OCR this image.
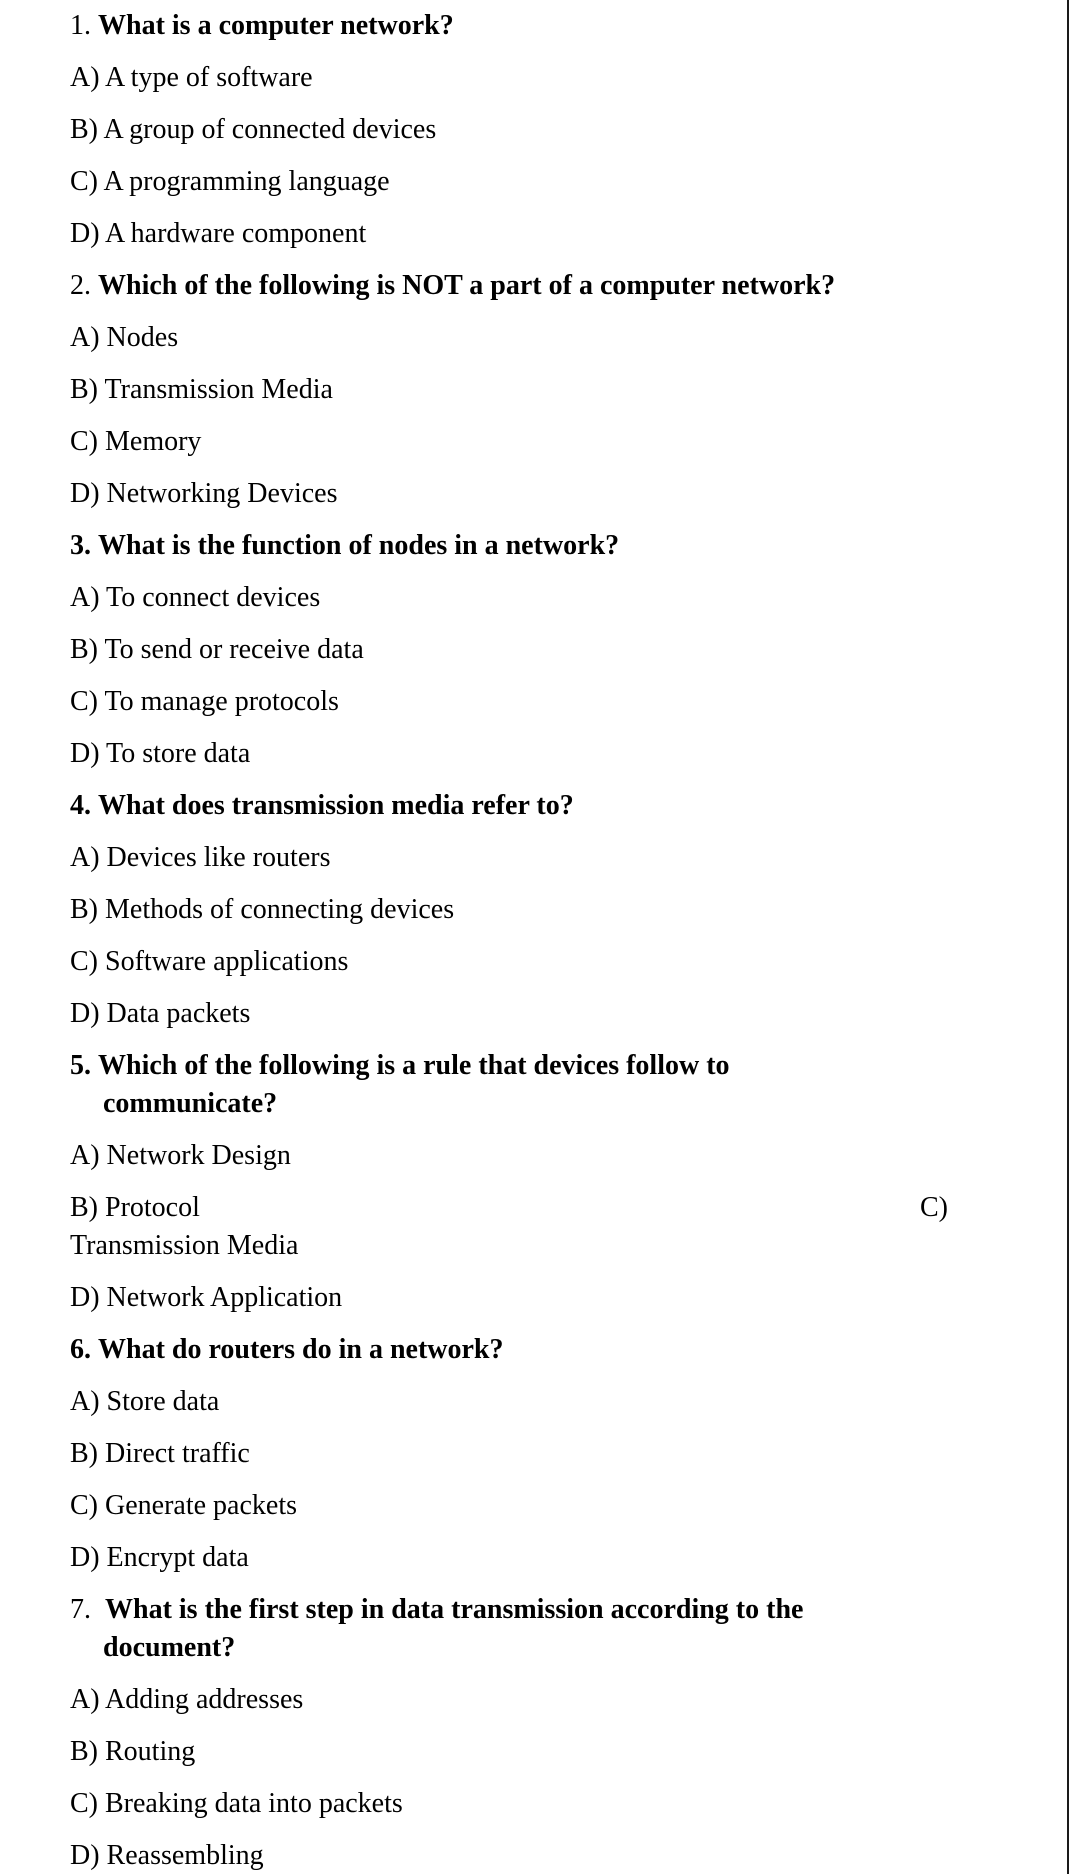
1. What is a computer network?
A) A type of software
B) A group of connected devices
C) A programming language
D) A hardware component
2. Which of the following is NOT a part of a computer network?
A) Nodes
B) Transmission Media
C) Memory
D) Networking Devices
3. What is the function of nodes in a network?
A) To connect devices
B) To send or receive data
C) To manage protocols
D) To store data
4. What does transmission media refer to?
A) Devices like routers
B) Methods of connecting devices
C) Software applications
D) Data packets
5. Which of the following is a rule that devices follow to
communicate?
A) Network Design
B) Protocol	C)
Transmission Media
D) Network Application
6. What do routers do in a network?
A) Store data
B) Direct traffic
C) Generate packets
D) Encrypt data
7. What is the first step in data transmission according to the
document?
A) Adding addresses
B) Routing
C) Breaking data into packets
D) Reassembling
